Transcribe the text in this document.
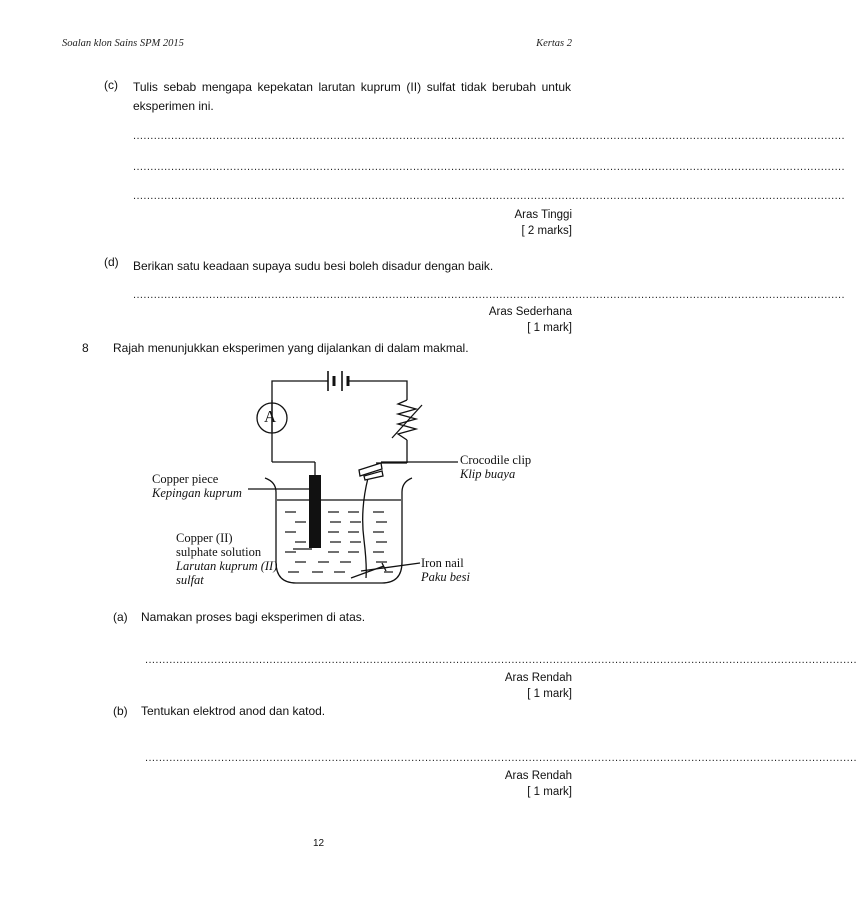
Soalan klon Sains SPM 2015	Kertas 2
(c) Tulis sebab mengapa kepekatan larutan kuprum (II) sulfat tidak berubah untuk
eksperimen ini.
..............................................................................................................................................................................................................
..............................................................................................................................................................................................................
..............................................................................................................................................................................................................
Aras Tinggi
[ 2 marks]
(d) Berikan satu keadaan supaya sudu besi boleh disadur dengan baik.
..............................................................................................................................................................................................................
Aras Sederhana
[ 1 mark]
8 Rajah menunjukkan eksperimen yang dijalankan di dalam makmal.
A
Crocodile clip
Klip buaya
Copper piece
Kepingan kuprum
Copper (II)
sulphate solution
Larutan kuprum (II)
sulfat
Iron nail
Paku besi
(a) Namakan proses bagi eksperimen di atas.
..............................................................................................................................................................................................................
Aras Rendah
[ 1 mark]
(b) Tentukan elektrod anod dan katod.
..............................................................................................................................................................................................................
Aras Rendah
[ 1 mark]
12
